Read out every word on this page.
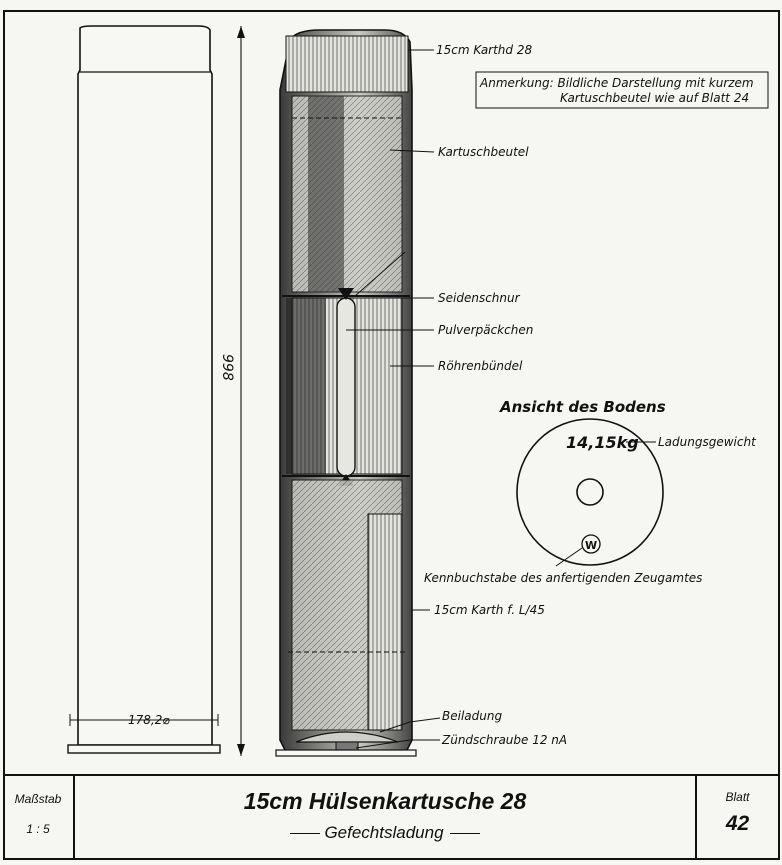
178,2⌀
998
15cm Karthd 28
Kartuschbeutel
Seidenschnur
Pulverpäckchen
Röhrenbündel
15cm Karth f. L/45
Beiladung
Zündschraube 12 nA
Anmerkung: Bildliche Darstellung mit kurzem
Kartuschbeutel wie auf Blatt 24
Ansicht des Bodens
W
14,15kg Ladungsgewicht
Kennbuchstabe des anfertigenden Zeugamtes
Maßstab
1 : 5
15cm Hülsenkartusche 28
Gefechtsladung
Blatt
42
